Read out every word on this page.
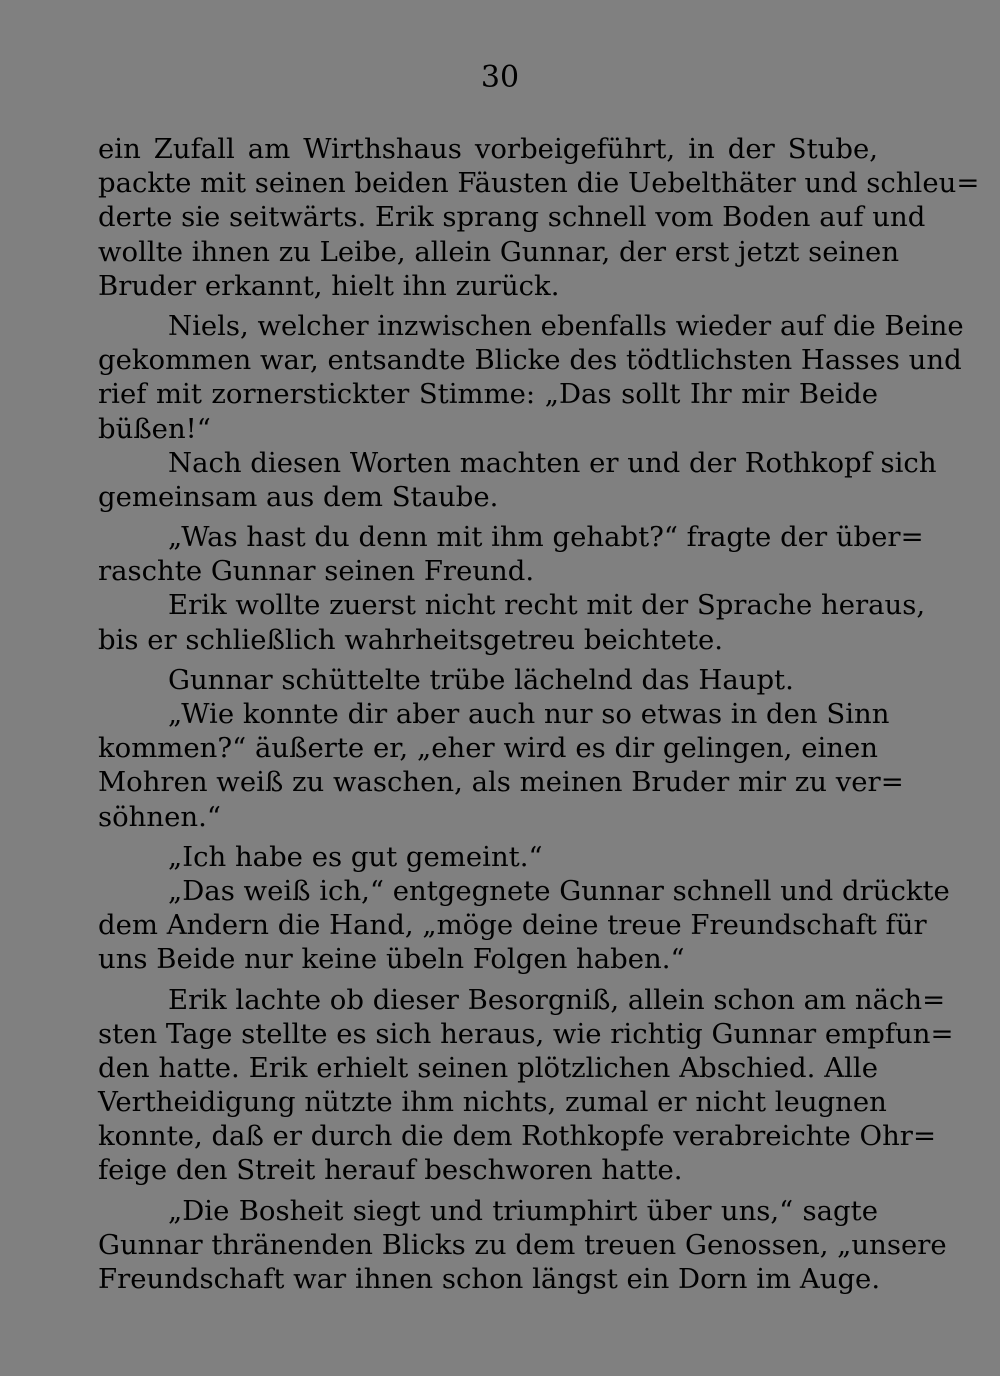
30
ein Zufall am Wirthshaus vorbeigeführt, in der Stube,
packte mit seinen beiden Fäusten die Uebelthäter und schleu=
derte sie seitwärts. Erik sprang schnell vom Boden auf und
wollte ihnen zu Leibe, allein Gunnar, der erst jetzt seinen
Bruder erkannt, hielt ihn zurück.
Niels, welcher inzwischen ebenfalls wieder auf die Beine
gekommen war, entsandte Blicke des tödtlichsten Hasses und
rief mit zornerstickter Stimme: „Das sollt Ihr mir Beide
büßen!“
Nach diesen Worten machten er und der Rothkopf sich
gemeinsam aus dem Staube.
„Was hast du denn mit ihm gehabt?“ fragte der über=
raschte Gunnar seinen Freund.
Erik wollte zuerst nicht recht mit der Sprache heraus,
bis er schließlich wahrheitsgetreu beichtete.
Gunnar schüttelte trübe lächelnd das Haupt.
„Wie konnte dir aber auch nur so etwas in den Sinn
kommen?“ äußerte er, „eher wird es dir gelingen, einen
Mohren weiß zu waschen, als meinen Bruder mir zu ver=
söhnen.“
„Ich habe es gut gemeint.“
„Das weiß ich,“ entgegnete Gunnar schnell und drückte
dem Andern die Hand, „möge deine treue Freundschaft für
uns Beide nur keine übeln Folgen haben.“
Erik lachte ob dieser Besorgniß, allein schon am näch=
sten Tage stellte es sich heraus, wie richtig Gunnar empfun=
den hatte. Erik erhielt seinen plötzlichen Abschied. Alle
Vertheidigung nützte ihm nichts, zumal er nicht leugnen
konnte, daß er durch die dem Rothkopfe verabreichte Ohr=
feige den Streit herauf beschworen hatte.
„Die Bosheit siegt und triumphirt über uns,“ sagte
Gunnar thränenden Blicks zu dem treuen Genossen, „unsere
Freundschaft war ihnen schon längst ein Dorn im Auge.
